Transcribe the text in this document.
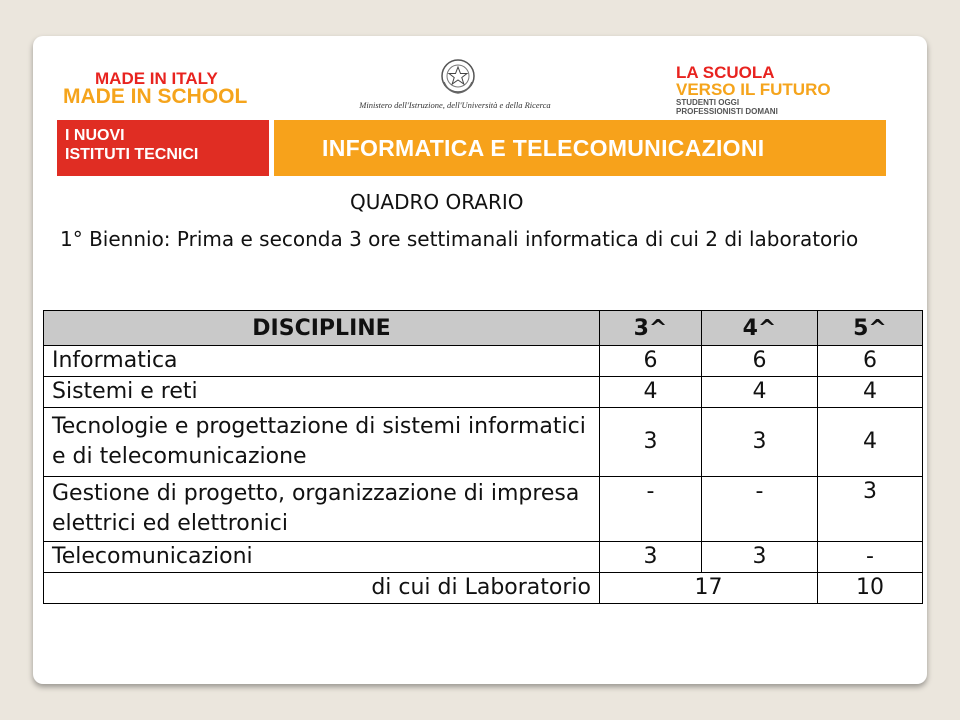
MADE IN ITALY
MADE IN SCHOOL	Ministero dell'Istruzione, dell'Università e della Ricerca
LA SCUOLA
VERSO IL FUTURO
STUDENTI OGGI
PROFESSIONISTI DOMANI
I NUOVI
ISTITUTI TECNICI	INFORMATICA E TELECOMUNICAZIONI
QUADRO ORARIO
1° Biennio: Prima e seconda 3 ore settimanali informatica di cui 2 di laboratorio
DISCIPLINE	3^	4^	5^
Informatica	6	6	6
Sistemi e reti	4	4	4
Tecnologie e progettazione di sistemi informatici e di telecomunicazione	3	3	4
Gestione di progetto, organizzazione di impresa elettrici ed elettronici	-	-	3
Telecomunicazioni	3	3	-
di cui di Laboratorio	17		10
